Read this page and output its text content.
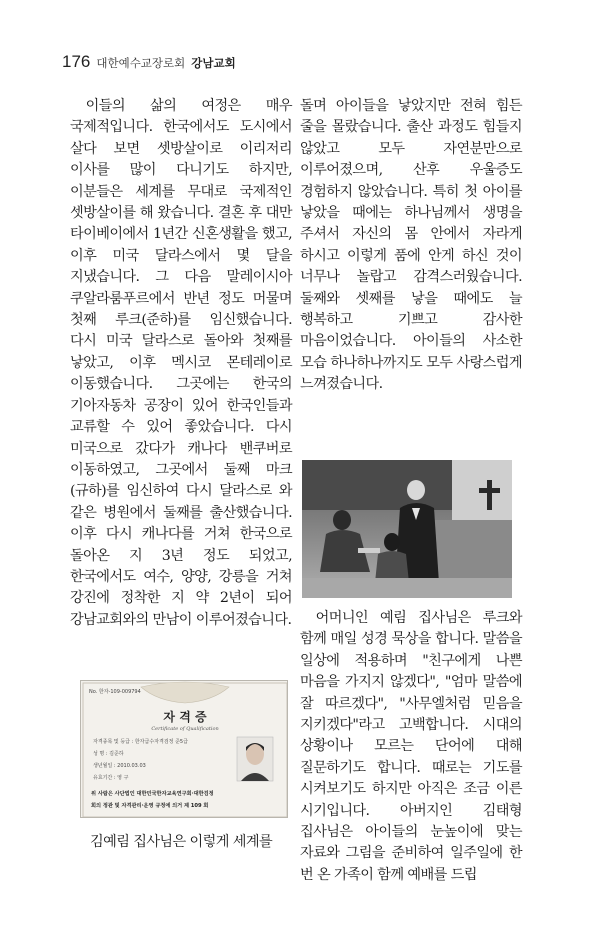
176 대한예수교장로회 강남교회

이들의 삶의 여정은 매우 국제적입니다. 한국에서도 도시에서 살다 보면 셋방살이로 이리저리 이사를 많이 다니기도 하지만, 이분들은 세계를 무대로 국제적인 셋방살이를 해 왔습니다. 결혼 후 대만 타이베이에서 1년간 신혼생활을 했고, 이후 미국 달라스에서 몇 달을 지냈습니다. 그 다음 말레이시아 쿠알라룸푸르에서 반년 정도 머물며 첫째 루크(준하)를 임신했습니다. 다시 미국 달라스로 돌아와 첫째를 낳았고, 이후 멕시코 몬테레이로 이동했습니다. 그곳에는 한국의 기아자동차 공장이 있어 한국인들과 교류할 수 있어 좋았습니다. 다시 미국으로 갔다가 캐나다 밴쿠버로 이동하였고, 그곳에서 둘째 마크(규하)를 임신하여 다시 달라스로 와 같은 병원에서 둘째를 출산했습니다. 이후 다시 캐나다를 거쳐 한국으로 돌아온 지 3년 정도 되었고, 한국에서도 여수, 양양, 강릉을 거쳐 강진에 정착한 지 약 2년이 되어 강남교회와의 만남이 이루어졌습니다.

No. 한자-109-009794
자 격 증
Certificate of Qualification
자격종목 및 등급 : 한자급수자격검정 준5급
성 명 : 김준하
생년월일 : 2010.03.03
유효기간 : 영 구
위 사람은 사단법인 대한민국한자교육연구회·대한검정
회의 정관 및 자격관리·운영 규정에 의거 제 109 회
김예림 집사님은 이렇게 세계를

돌며 아이들을 낳았지만 전혀 힘든 줄을 몰랐습니다. 출산 과정도 힘들지 않았고 모두 자연분만으로 이루어졌으며, 산후 우울증도 경험하지 않았습니다. 특히 첫 아이를 낳았을 때에는 하나님께서 생명을 주셔서 자신의 몸 안에서 자라게 하시고 이렇게 품에 안게 하신 것이 너무나 놀랍고 감격스러웠습니다. 둘째와 셋째를 낳을 때에도 늘 행복하고 기쁘고 감사한 마음이었습니다. 아이들의 사소한 모습 하나하나까지도 모두 사랑스럽게 느껴졌습니다.

어머니인 예림 집사님은 루크와 함께 매일 성경 묵상을 합니다. 말씀을 일상에 적용하며 "친구에게 나쁜 마음을 가지지 않겠다", "엄마 말씀에 잘 따르겠다", "사무엘처럼 믿음을 지키겠다"라고 고백합니다. 시대의 상황이나 모르는 단어에 대해 질문하기도 합니다. 때로는 기도를 시켜보기도 하지만 아직은 조금 이른 시기입니다. 아버지인 김태형 집사님은 아이들의 눈높이에 맞는 자료와 그림을 준비하여 일주일에 한 번 온 가족이 함께 예배를 드립
